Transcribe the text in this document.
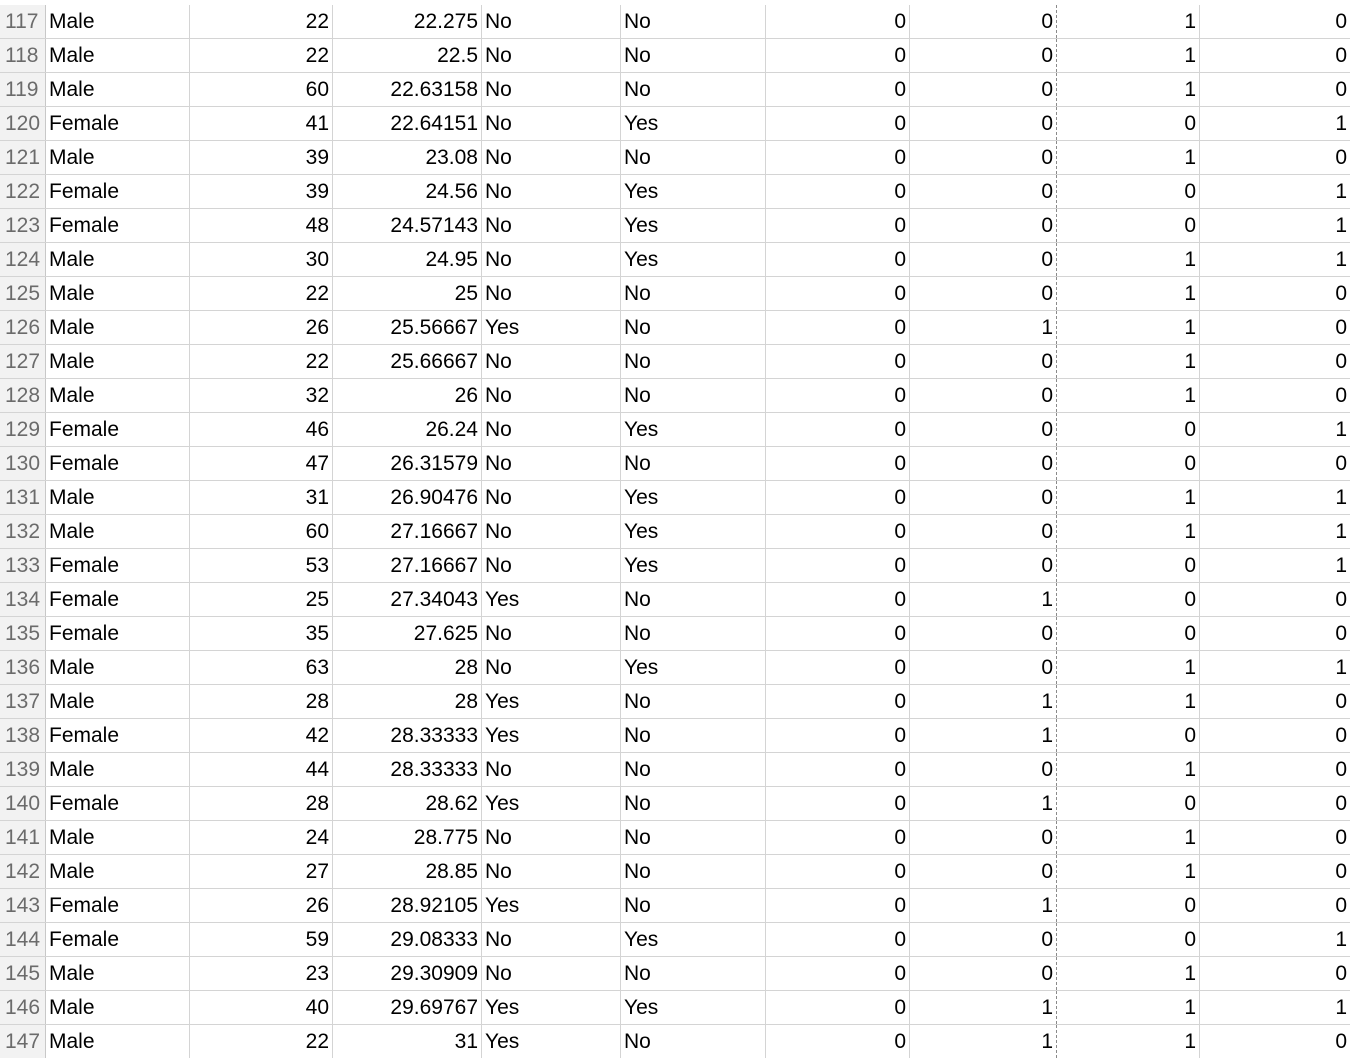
117 Male	22	22.275 No	No	0	0	1	0
118 Male	22	22.5 No	No	0	0	1	0
119 Male	60	22.63158 No	No	0	0	1	0
120 Female	41	22.64151 No	Yes	0	0	0	1
121 Male	39	23.08 No	No	0	0	1	0
122 Female	39	24.56 No	Yes	0	0	0	1
123 Female	48	24.57143 No	Yes	0	0	0	1
124 Male	30	24.95 No	Yes	0	0	1	1
125 Male	22	25 No	No	0	0	1	0
126 Male	26	25.56667 Yes	No	0	1	1	0
127 Male	22	25.66667 No	No	0	0	1	0
128 Male	32	26 No	No	0	0	1	0
129 Female	46	26.24 No	Yes	0	0	0	1
130 Female	47	26.31579 No	No	0	0	0	0
131 Male	31	26.90476 No	Yes	0	0	1	1
132 Male	60	27.16667 No	Yes	0	0	1	1
133 Female	53	27.16667 No	Yes	0	0	0	1
134 Female	25	27.34043 Yes	No	0	1	0	0
135 Female	35	27.625 No	No	0	0	0	0
136 Male	63	28 No	Yes	0	0	1	1
137 Male	28	28 Yes	No	0	1	1	0
138 Female	42	28.33333 Yes	No	0	1	0	0
139 Male	44	28.33333 No	No	0	0	1	0
140 Female	28	28.62 Yes	No	0	1	0	0
141 Male	24	28.775 No	No	0	0	1	0
142 Male	27	28.85 No	No	0	0	1	0
143 Female	26	28.92105 Yes	No	0	1	0	0
144 Female	59	29.08333 No	Yes	0	0	0	1
145 Male	23	29.30909 No	No	0	0	1	0
146 Male	40	29.69767 Yes	Yes	0	1	1	1
147 Male	22	31 Yes	No	0	1	1	0
